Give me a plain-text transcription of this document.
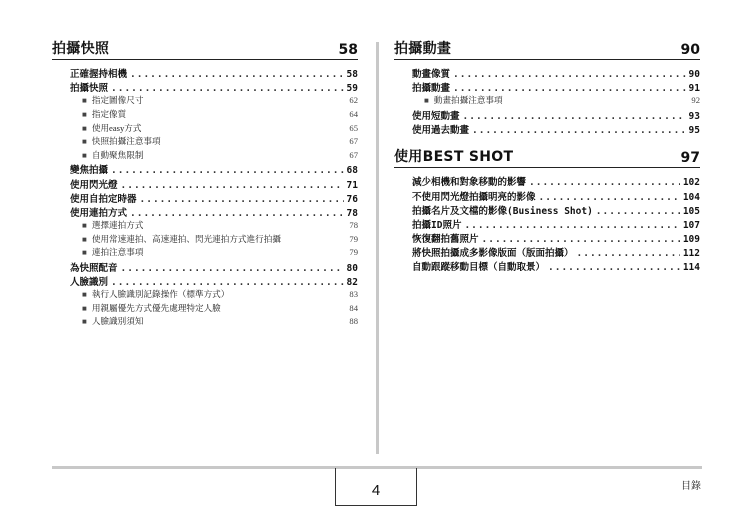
拍攝快照	58
正確握持相機 .....	58
拍攝快照 .....	59
■ 指定圖像尺寸	62
■ 指定像質	64
■ 使用easy方式	65
■ 快照拍攝注意事項	67
■ 自動聚焦限制	67
變焦拍攝 .....	68
使用閃光燈 .....	71
使用自拍定時器 .....	76
使用連拍方式 .....	78
■ 選擇連拍方式	78
■ 使用常速連拍、高速連拍、閃光連拍方式進行拍攝	79
■ 連拍注意事項	79
為快照配音 .....	80
人臉識別 .....	82
■ 執行人臉識別記錄操作（標準方式）	83
■ 用親屬優先方式優先處理特定人臉	84
■ 人臉識別須知	88
拍攝動畫	90
動畫像質 .....	90
拍攝動畫 .....	91
■ 動畫拍攝注意事項	92
使用短動畫 .....	93
使用過去動畫 .....	95
使用BEST SHOT	97
減少相機和對象移動的影響 .....	102
不使用閃光燈拍攝明亮的影像 .....	104
拍攝名片及文檔的影像(Business Shot) .....	105
拍攝ID照片 .....	107
恢復翻拍舊照片 .....	109
將快照拍攝成多影像版面（版面拍攝） .....	112
自動跟蹤移動目標（自動取景） .....	114
4	目錄
